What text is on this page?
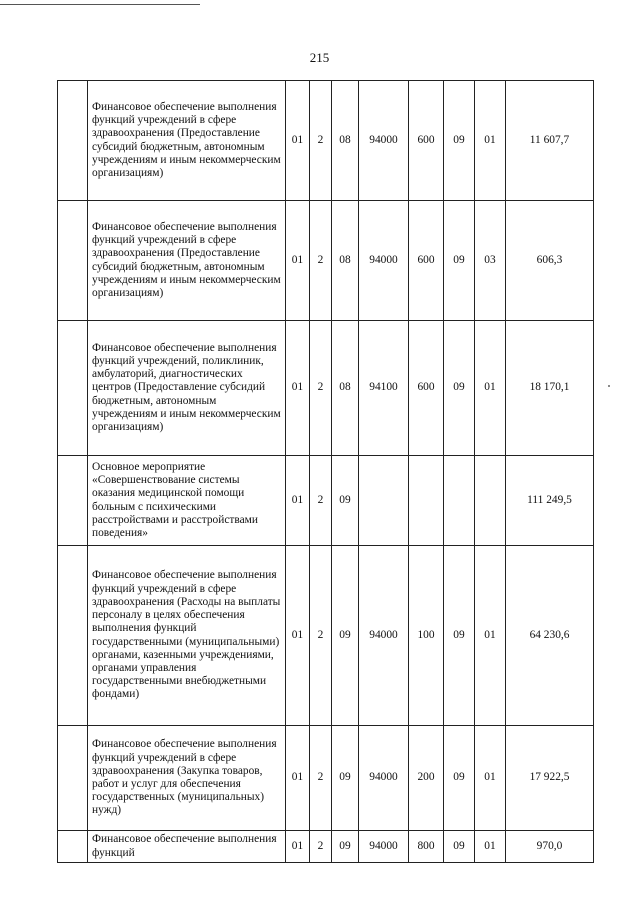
215
	Финансовое обеспечение выполнения функций учреждений в сфере здравоохранения (Предоставление субсидий бюджетным, автономным учреждениям и иным некоммерческим организациям)	01	2	08	94000	600	09	01	11 607,7
	Финансовое обеспечение выполнения функций учреждений в сфере здравоохранения (Предоставление субсидий бюджетным, автономным учреждениям и иным некоммерческим организациям)	01	2	08	94000	600	09	03	606,3
	Финансовое обеспечение выполнения функций учреждений, поликлиник, амбулаторий, диагностических центров (Предоставление субсидий бюджетным, автономным учреждениям и иным некоммерческим организациям)	01	2	08	94100	600	09	01	18 170,1
	Основное мероприятие «Совершенствование системы оказания медицинской помощи больным с психическими расстройствами и расстройствами поведения»	01	2	09					111 249,5
	Финансовое обеспечение выполнения функций учреждений в сфере здравоохранения (Расходы на выплаты персоналу в целях обеспечения выполнения функций государственными (муниципальными) органами, казенными учреждениями, органами управления государственными внебюджетными фондами)	01	2	09	94000	100	09	01	64 230,6
	Финансовое обеспечение выполнения функций учреждений в сфере здравоохранения (Закупка товаров, работ и услуг для обеспечения государственных (муниципальных) нужд)	01	2	09	94000	200	09	01	17 922,5
	Финансовое обеспечение выполнения функций	01	2	09	94000	800	09	01	970,0
